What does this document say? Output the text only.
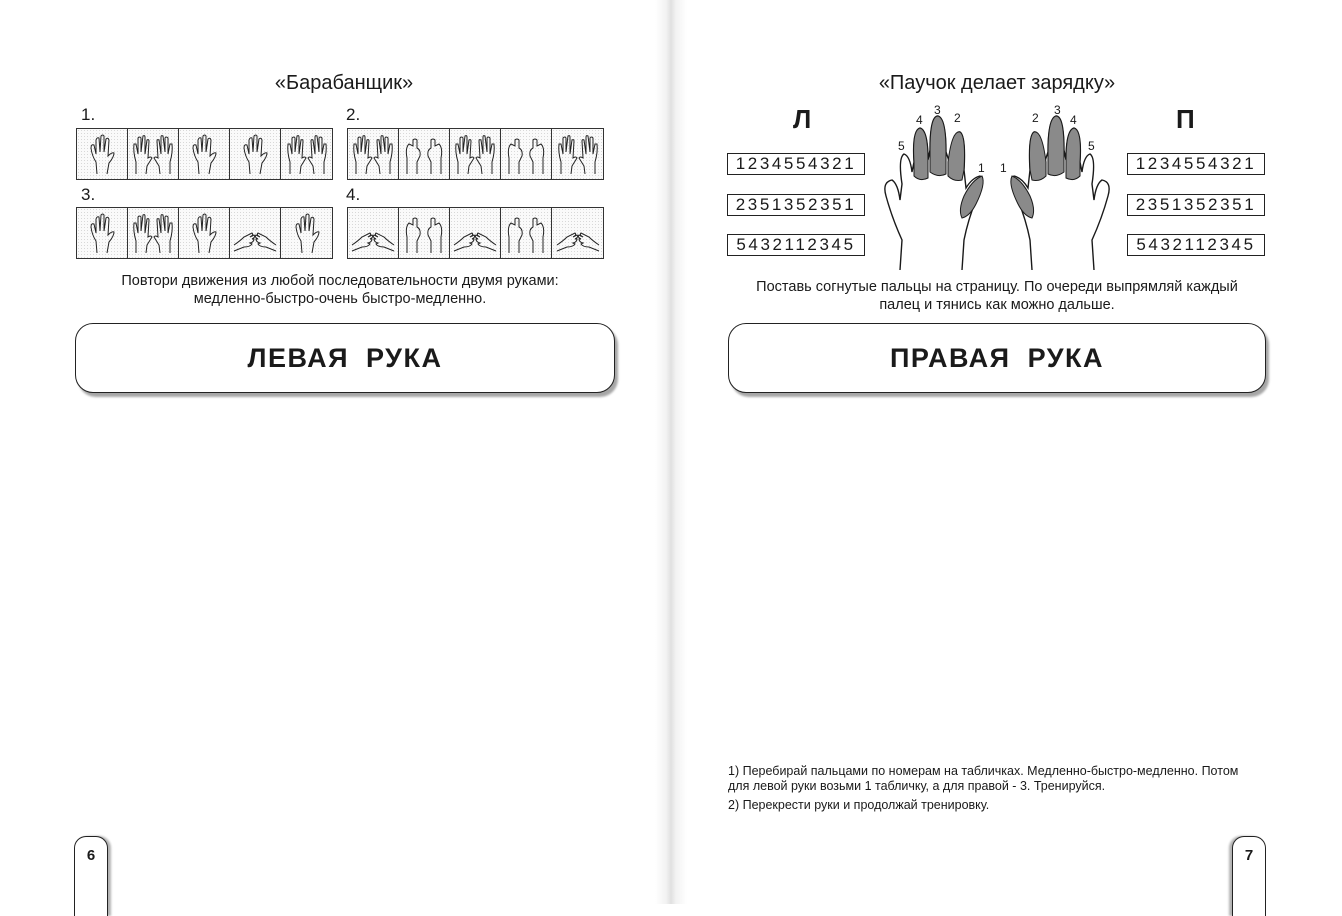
«Барабанщик»
1.	2.
3.	4.
Повтори движения из любой последовательности двумя руками:
медленно-быстро-очень быстро-медленно.
ЛЕВАЯ РУКА
6
«Паучок делает зарядку»
Л	П
1234554321
2351352351
5432112345
1234554321
2351352351
5432112345
1
2
3
4
5
1
2
3
4
5
Поставь согнутые пальцы на страницу. По очереди выпрямляй каждый
палец и тянись как можно дальше.
ПРАВАЯ РУКА
1) Перебирай пальцами по номерам на табличках. Медленно-быстро-медленно. Потом
для левой руки возьми 1 табличку, а для правой - 3. Тренируйся.
2) Перекрести руки и продолжай тренировку.
7
